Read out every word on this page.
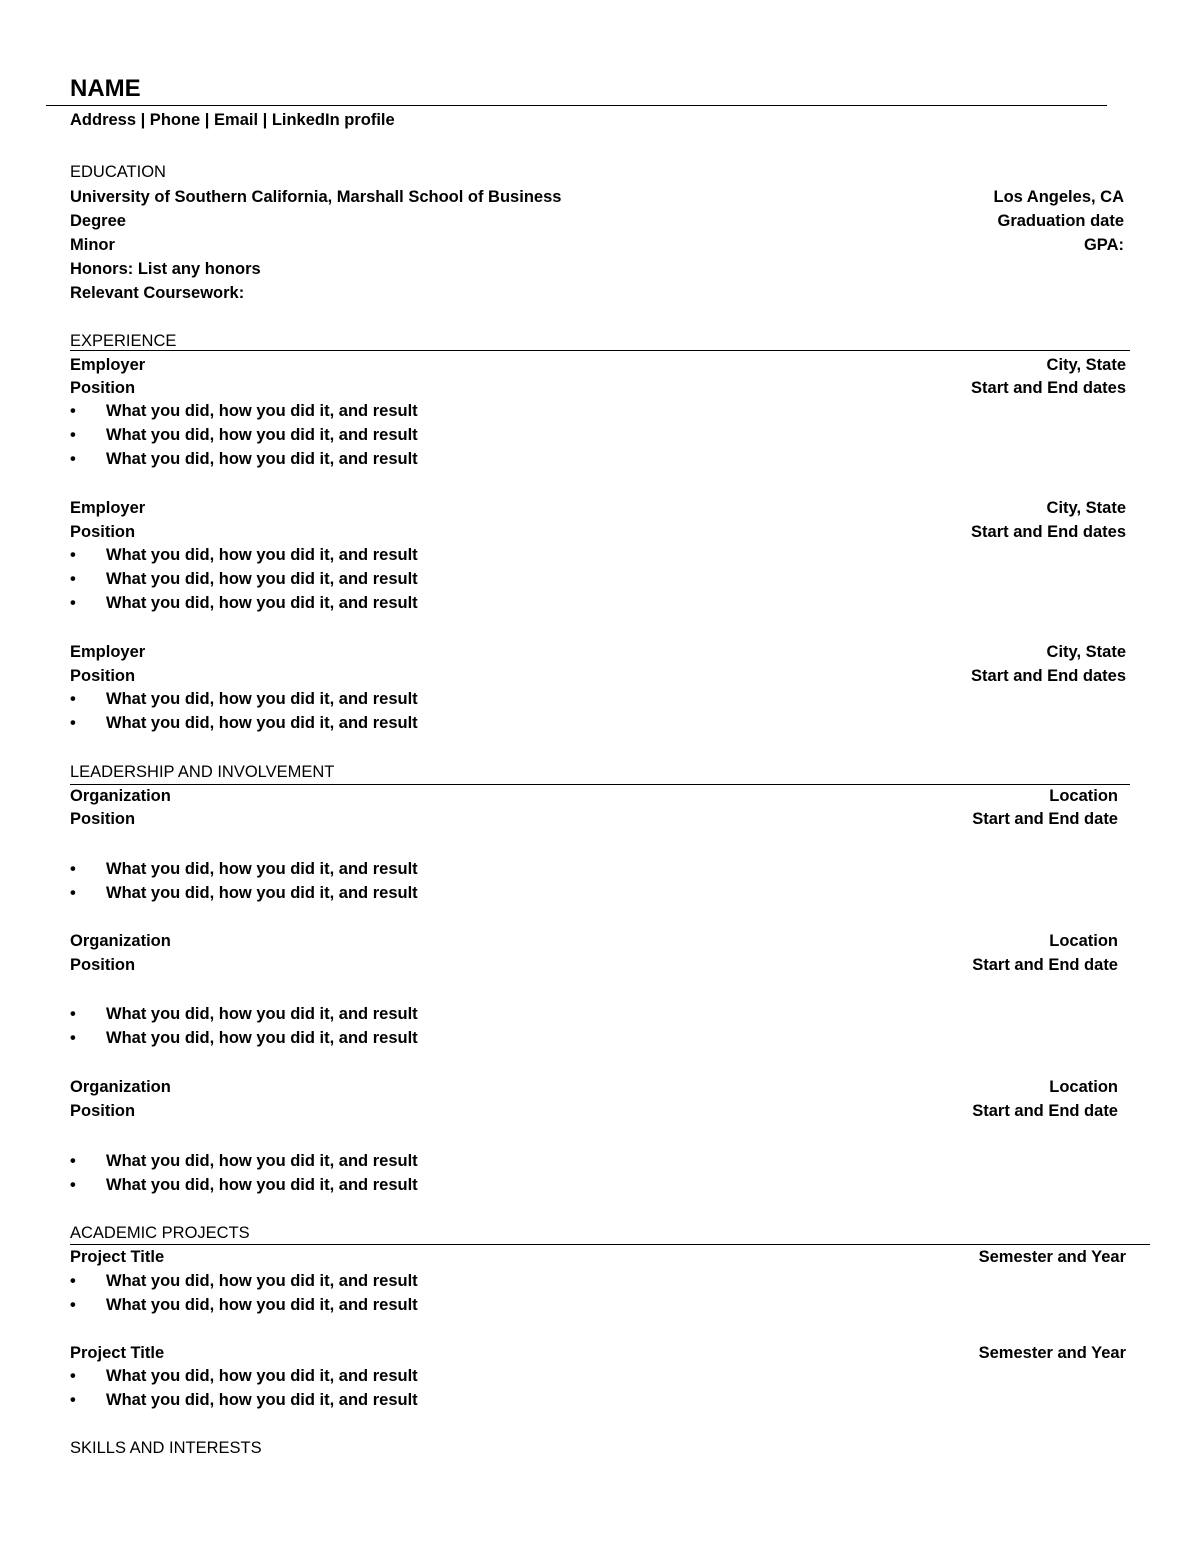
NAME
Address | Phone | Email | LinkedIn profile
EDUCATION
University of Southern California, Marshall School of Business	Los Angeles, CA
Degree	Graduation date
Minor	GPA:
Honors: List any honors
Relevant Coursework:
EXPERIENCE
Employer	City, State
Position	Start and End dates
•What you did, how you did it, and result
•What you did, how you did it, and result
•What you did, how you did it, and result
Employer	City, State
Position	Start and End dates
•What you did, how you did it, and result
•What you did, how you did it, and result
•What you did, how you did it, and result
Employer	City, State
Position	Start and End dates
•What you did, how you did it, and result
•What you did, how you did it, and result
LEADERSHIP AND INVOLVEMENT
Organization	Location
Position	Start and End date
•What you did, how you did it, and result
•What you did, how you did it, and result
Organization	Location
Position	Start and End date
•What you did, how you did it, and result
•What you did, how you did it, and result
Organization	Location
Position	Start and End date
•What you did, how you did it, and result
•What you did, how you did it, and result
ACADEMIC PROJECTS
Project Title	Semester and Year
•What you did, how you did it, and result
•What you did, how you did it, and result
Project Title	Semester and Year
•What you did, how you did it, and result
•What you did, how you did it, and result
SKILLS AND INTERESTS
